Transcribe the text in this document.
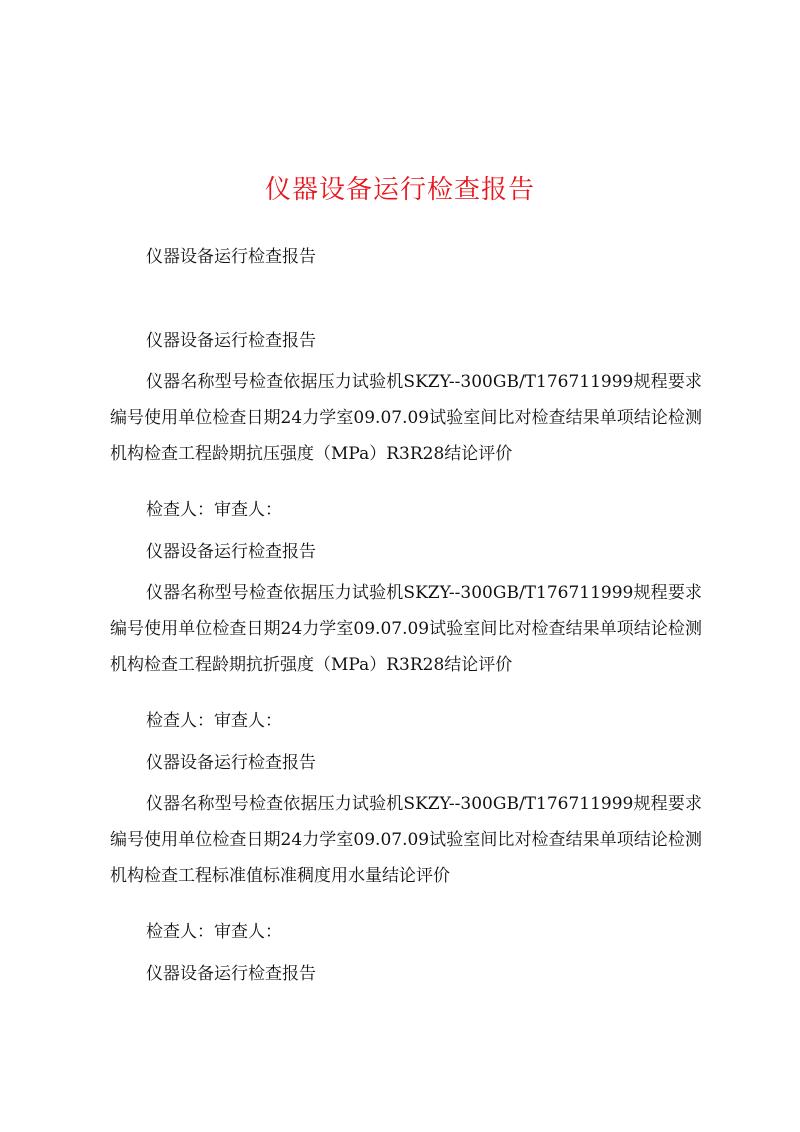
仪器设备运行检查报告
仪器设备运行检查报告
仪器设备运行检查报告
仪器名称型号检查依据压力试验机SKZY--300GB/T176711999规程要求编号使用单位检查日期24力学室09.07.09试验室间比对检查结果单项结论检测机构检查工程龄期抗压强度（MPa）R3R28结论评价
检查人：审查人：
仪器设备运行检查报告
仪器名称型号检查依据压力试验机SKZY--300GB/T176711999规程要求编号使用单位检查日期24力学室09.07.09试验室间比对检查结果单项结论检测机构检查工程龄期抗折强度（MPa）R3R28结论评价
检查人：审查人：
仪器设备运行检查报告
仪器名称型号检查依据压力试验机SKZY--300GB/T176711999规程要求编号使用单位检查日期24力学室09.07.09试验室间比对检查结果单项结论检测机构检查工程标准值标准稠度用水量结论评价
检查人：审查人：
仪器设备运行检查报告
